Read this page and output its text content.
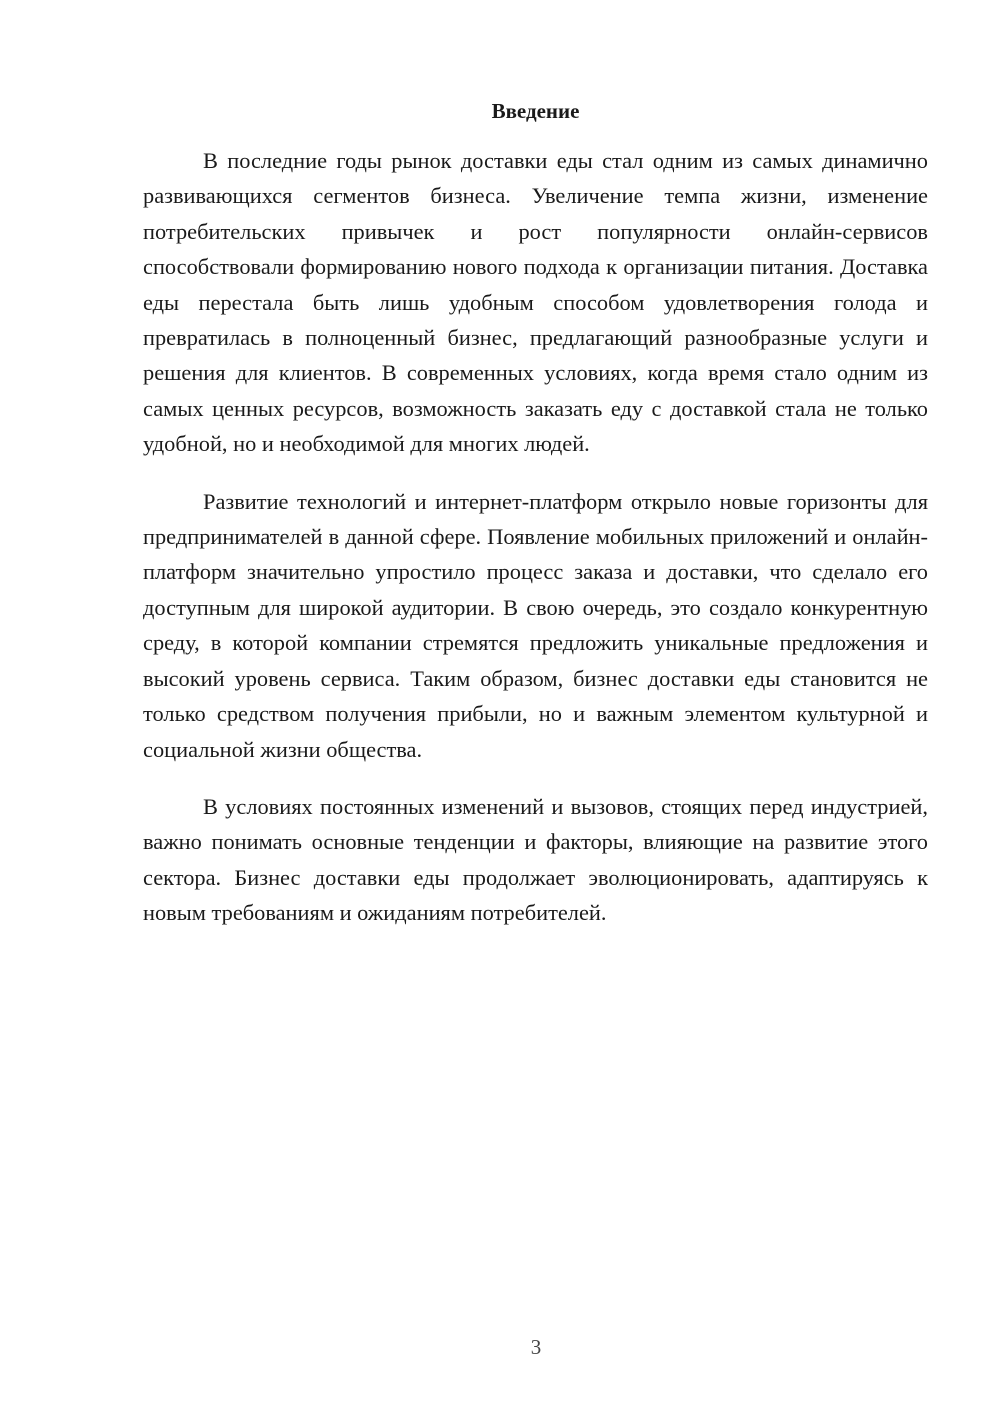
Введение

В последние годы рынок доставки еды стал одним из самых динамично развивающихся сегментов бизнеса. Увеличение темпа жизни, изменение потребительских привычек и рост популярности онлайн-сервисов способствовали формированию нового подхода к организации питания. Доставка еды перестала быть лишь удобным способом удовлетворения голода и превратилась в полноценный бизнес, предлагающий разнообразные услуги и решения для клиентов. В современных условиях, когда время стало одним из самых ценных ресурсов, возможность заказать еду с доставкой стала не только удобной, но и необходимой для многих людей.

Развитие технологий и интернет-платформ открыло новые горизонты для предпринимателей в данной сфере. Появление мобильных приложений и онлайн-платформ значительно упростило процесс заказа и доставки, что сделало его доступным для широкой аудитории. В свою очередь, это создало конкурентную среду, в которой компании стремятся предложить уникальные предложения и высокий уровень сервиса. Таким образом, бизнес доставки еды становится не только средством получения прибыли, но и важным элементом культурной и социальной жизни общества.

В условиях постоянных изменений и вызовов, стоящих перед индустрией, важно понимать основные тенденции и факторы, влияющие на развитие этого сектора. Бизнес доставки еды продолжает эволюционировать, адаптируясь к новым требованиям и ожиданиям потребителей.

3
